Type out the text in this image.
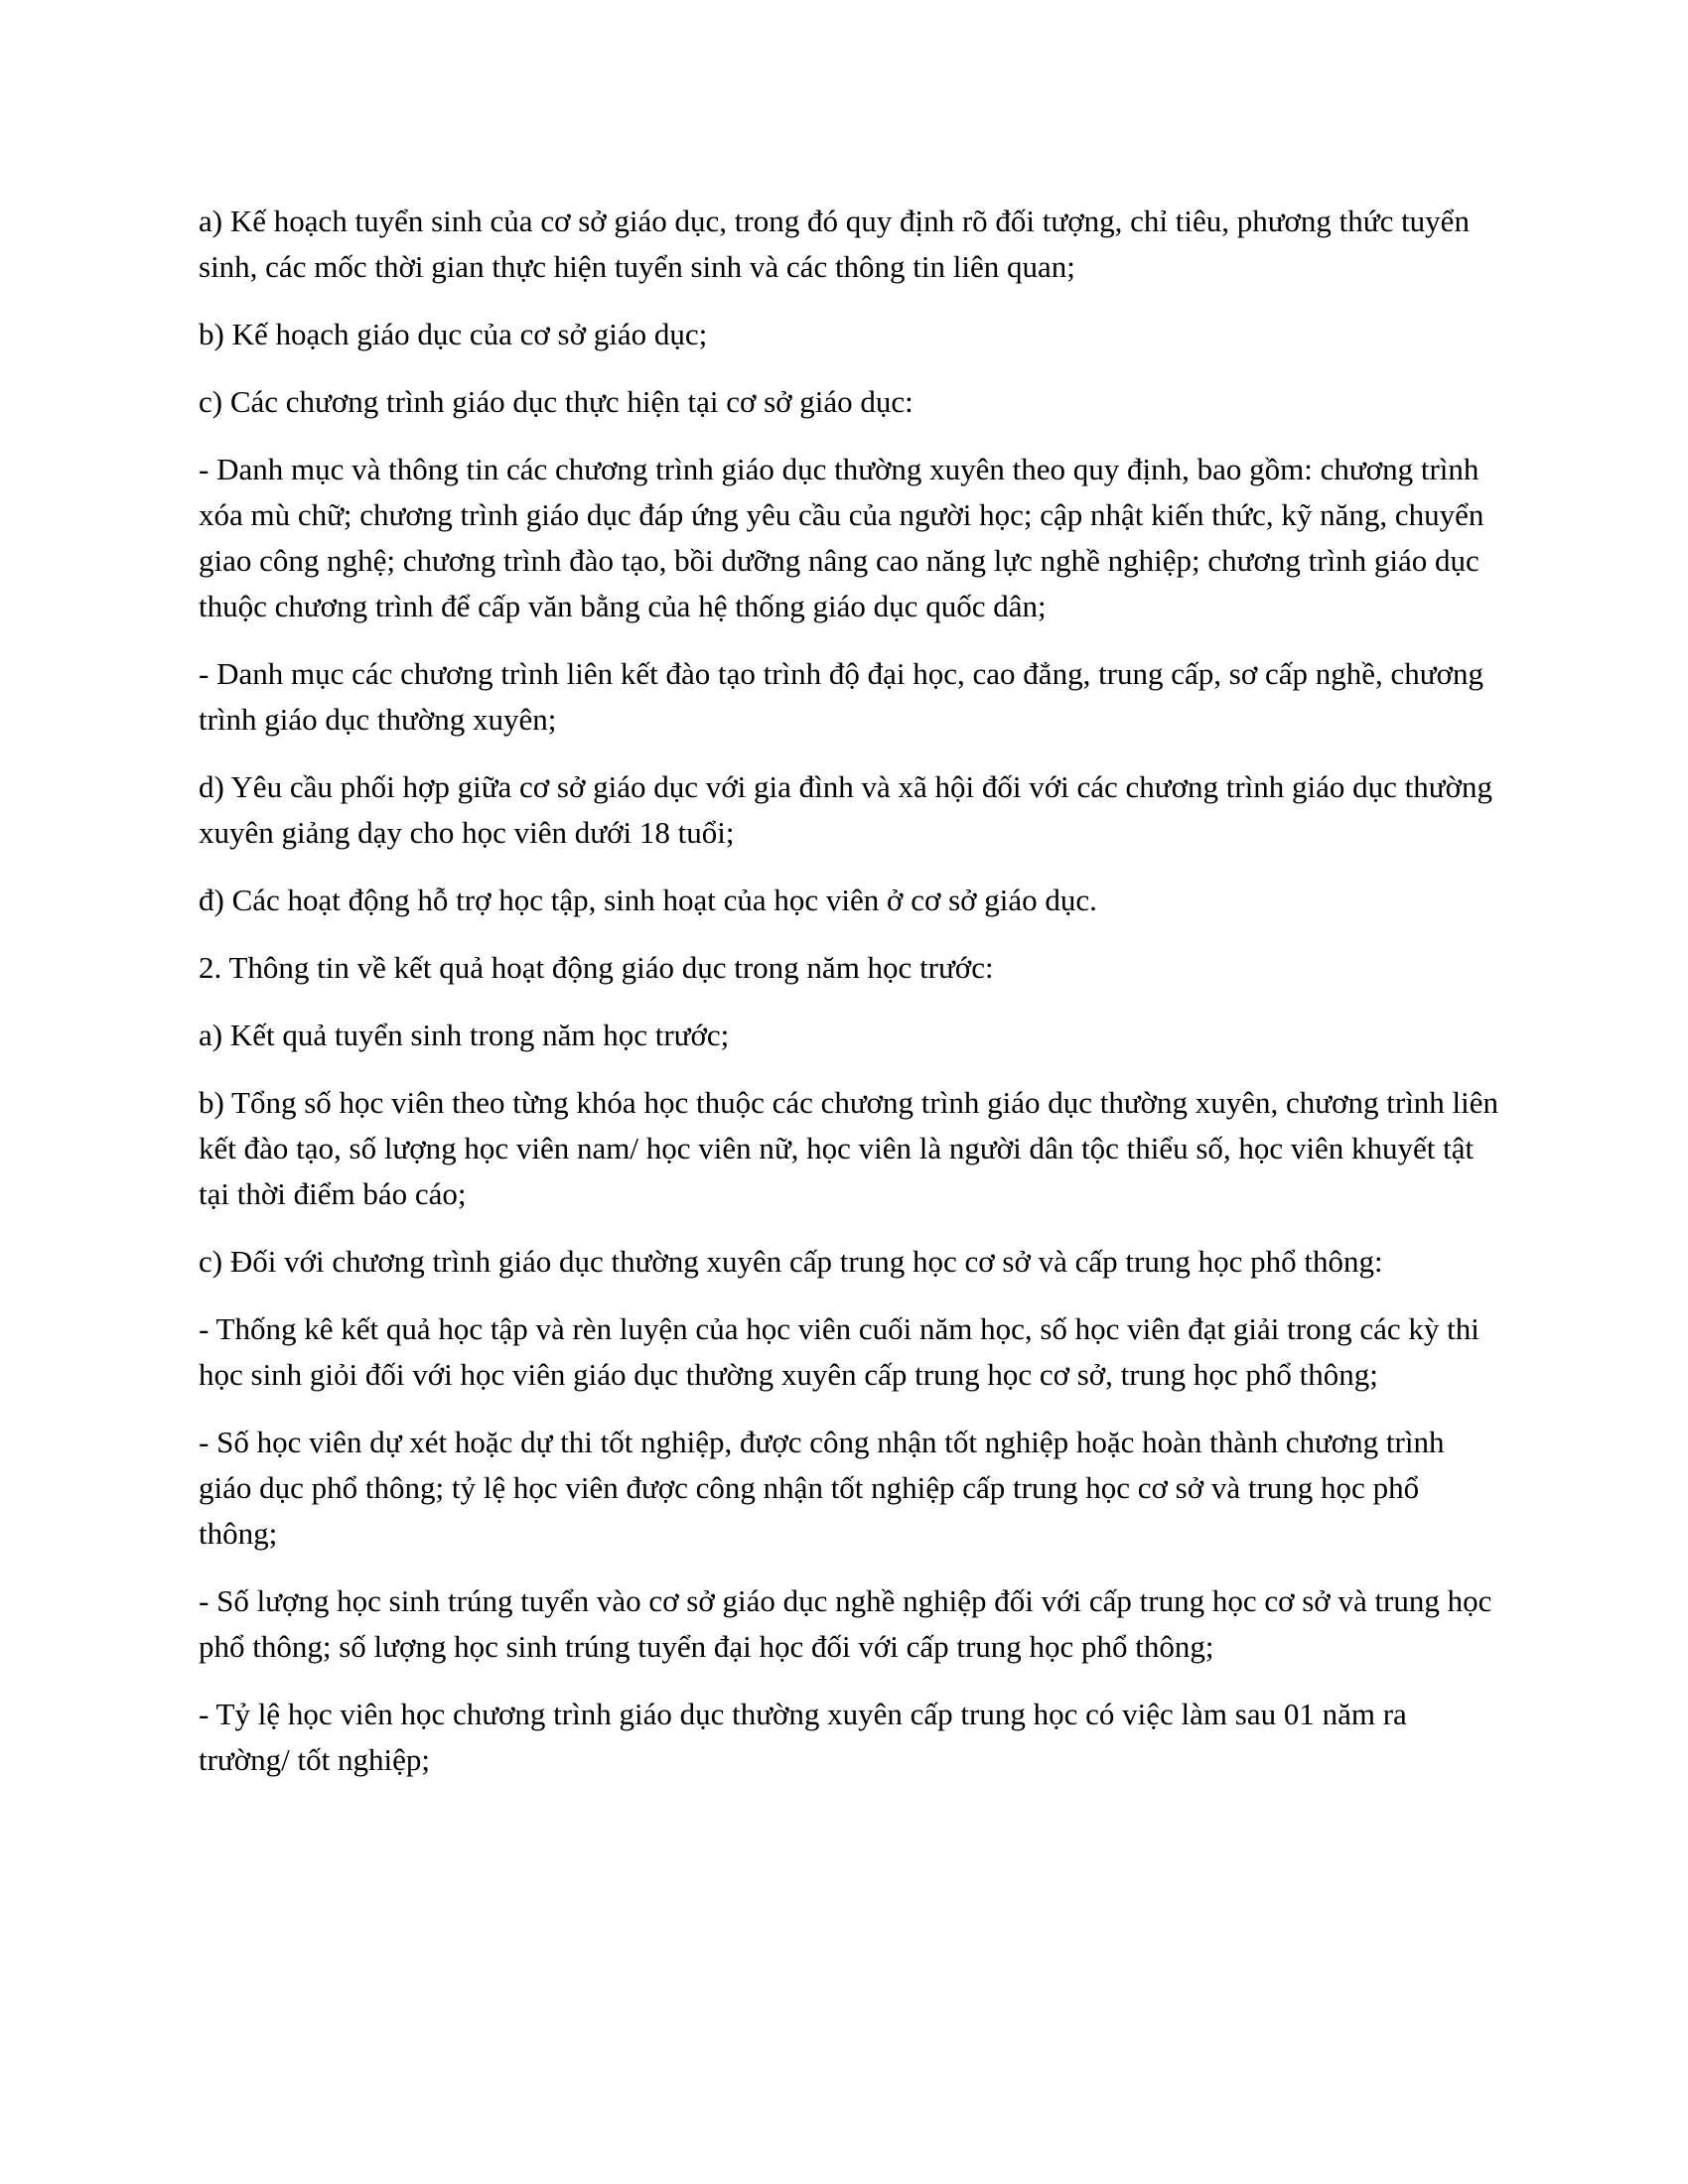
a) Kế hoạch tuyển sinh của cơ sở giáo dục, trong đó quy định rõ đối tượng, chỉ tiêu, phương thức tuyển sinh, các mốc thời gian thực hiện tuyển sinh và các thông tin liên quan;

b) Kế hoạch giáo dục của cơ sở giáo dục;

c) Các chương trình giáo dục thực hiện tại cơ sở giáo dục:

- Danh mục và thông tin các chương trình giáo dục thường xuyên theo quy định, bao gồm: chương trình xóa mù chữ; chương trình giáo dục đáp ứng yêu cầu của người học; cập nhật kiến thức, kỹ năng, chuyển giao công nghệ; chương trình đào tạo, bồi dưỡng nâng cao năng lực nghề nghiệp; chương trình giáo dục thuộc chương trình để cấp văn bằng của hệ thống giáo dục quốc dân;

- Danh mục các chương trình liên kết đào tạo trình độ đại học, cao đẳng, trung cấp, sơ cấp nghề, chương trình giáo dục thường xuyên;

d) Yêu cầu phối hợp giữa cơ sở giáo dục với gia đình và xã hội đối với các chương trình giáo dục thường xuyên giảng dạy cho học viên dưới 18 tuổi;

đ) Các hoạt động hỗ trợ học tập, sinh hoạt của học viên ở cơ sở giáo dục.

2. Thông tin về kết quả hoạt động giáo dục trong năm học trước:

a) Kết quả tuyển sinh trong năm học trước;

b) Tổng số học viên theo từng khóa học thuộc các chương trình giáo dục thường xuyên, chương trình liên kết đào tạo, số lượng học viên nam/ học viên nữ, học viên là người dân tộc thiểu số, học viên khuyết tật tại thời điểm báo cáo;

c) Đối với chương trình giáo dục thường xuyên cấp trung học cơ sở và cấp trung học phổ thông:

- Thống kê kết quả học tập và rèn luyện của học viên cuối năm học, số học viên đạt giải trong các kỳ thi học sinh giỏi đối với học viên giáo dục thường xuyên cấp trung học cơ sở, trung học phổ thông;

- Số học viên dự xét hoặc dự thi tốt nghiệp, được công nhận tốt nghiệp hoặc hoàn thành chương trình giáo dục phổ thông; tỷ lệ học viên được công nhận tốt nghiệp cấp trung học cơ sở và trung học phổ thông;

- Số lượng học sinh trúng tuyển vào cơ sở giáo dục nghề nghiệp đối với cấp trung học cơ sở và trung học phổ thông; số lượng học sinh trúng tuyển đại học đối với cấp trung học phổ thông;

- Tỷ lệ học viên học chương trình giáo dục thường xuyên cấp trung học có việc làm sau 01 năm ra trường/ tốt nghiệp;
